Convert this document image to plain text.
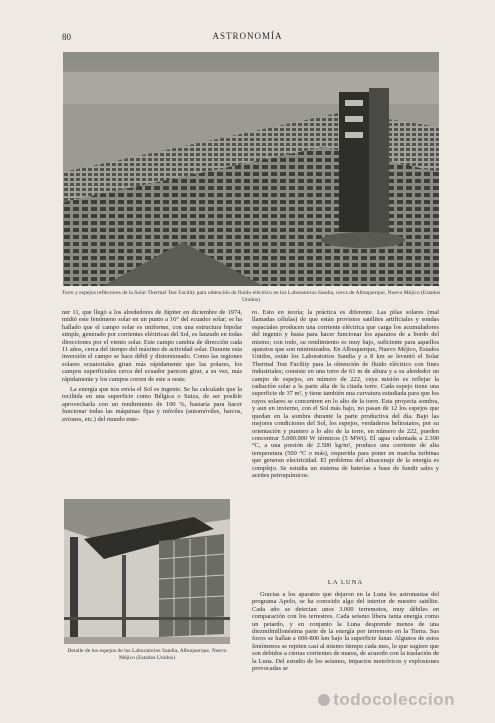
80	ASTRONOMÍA
Torre y espejos reflectores de la Solar Thermal Test Facility para obtención de fluido eléctrico en los Laboratorios Sandia, cerca de Albuquerque, Nuevo Méjico (Estados Unidos)

ner 11, que llegó a los alrededores de Júpiter en diciembre de 1974, midió este fenómeno solar en un punto a 16° del ecuador solar; se ha hallado que el campo solar es uniforme, con una estructura bipolar simple, generado por corrientes eléctricas del Sol, es lanzado en todas direcciones por el viento solar. Este campo cambia de dirección cada 11 años, cerca del tiempo del máximo de actividad solar. Durante esta inversión el campo se hace débil y distorsionado. Como las regiones solares ecuatoriales giran más rápidamente que las polares, los campos superficiales cerca del ecuador parecen girar, a su vez, más rápidamente y los campos corren de este a oeste.

La energía que nos envía el Sol es ingente. Se ha calculado que la recibida en una superficie como Bélgica o Suiza, de ser posible aprovecharla con un rendimiento de 100 %, bastaría para hacer funcionar todas las máquinas fijas y móviles (automóviles, barcos, aviones, etc.) del mundo ente-

Detalle de los espejos de los Laboratorios Sandia, Albuquerque, Nuevo Méjico (Estados Unidos)

ro. Esto en teoría; la práctica es diferente. Las pilas solares (mal llamadas células) de que están provistos satélites artificiales y sondas espaciales producen una corriente eléctrica que carga los acumuladores del ingenio y basta para hacer funcionar los aparatos de a bordo del mismo; con todo, su rendimiento es muy bajo, suficiente para aquellos aparatos que son minimizados. En Albuquerque, Nuevo Méjico, Estados Unidos, están los Laboratorios Sandia y a 8 km se levantó el Solar Thermal Test Facility para la obtención de fluido eléctrico con fines industriales; consiste en una torre de 61 m de altura y a su alrededor un campo de espejos, en número de 222, cuya misión es reflejar la radiación solar a la parte alta de la citada torre. Cada espejo tiene una superficie de 37 m², y tiene también una curvatura estudiada para que los rayos solares se concentren en lo alto de la torre. Esta proyecta sombra, y aun en invierno, con el Sol más bajo, no pasan de 12 los espejos que quedan en la sombra durante la parte productiva del día. Bajo las mejores condiciones del Sol, los espejos, verdaderos heliostatos, por su orientación y puntero a lo alto de la torre, en número de 222, pueden concentrar 5.000.000 W térmicos (5 MWt). El agua calentada a 2.300 °C, a una presión de 2.500 kg/m², produce una corriente de alta temperatura (500 °C o más), requerida para poner en marcha turbinas que generan electricidad. El problema del almacenaje de la energía es complejo. Se estudia un sistema de baterías a base de fundir sales y aceites petroquímicos.

LA LUNA

Gracias a los aparatos que dejaron en la Luna los astronautas del programa Apolo, se ha conocido algo del interior de nuestro satélite. Cada año se detectan unos 3.000 terremotos, muy débiles en comparación con los terrestres. Cada seísmo libera tanta energía como un petardo, y en conjunto la Luna desprende menos de una diezmilmillonésima parte de la energía por terremoto en la Tierra. Sus focos se hallan a 600-800 km bajo la superficie lunar. Algunos de estos fenómenos se repiten casi al mismo tiempo cada mes, lo que sugiere que son debidos a ciertas corrientes de marea, de acuerdo con la traslación de la Luna. Del estudio de los seísmos, impactos meteóricos y explosiones provocadas se

todocoleccion
